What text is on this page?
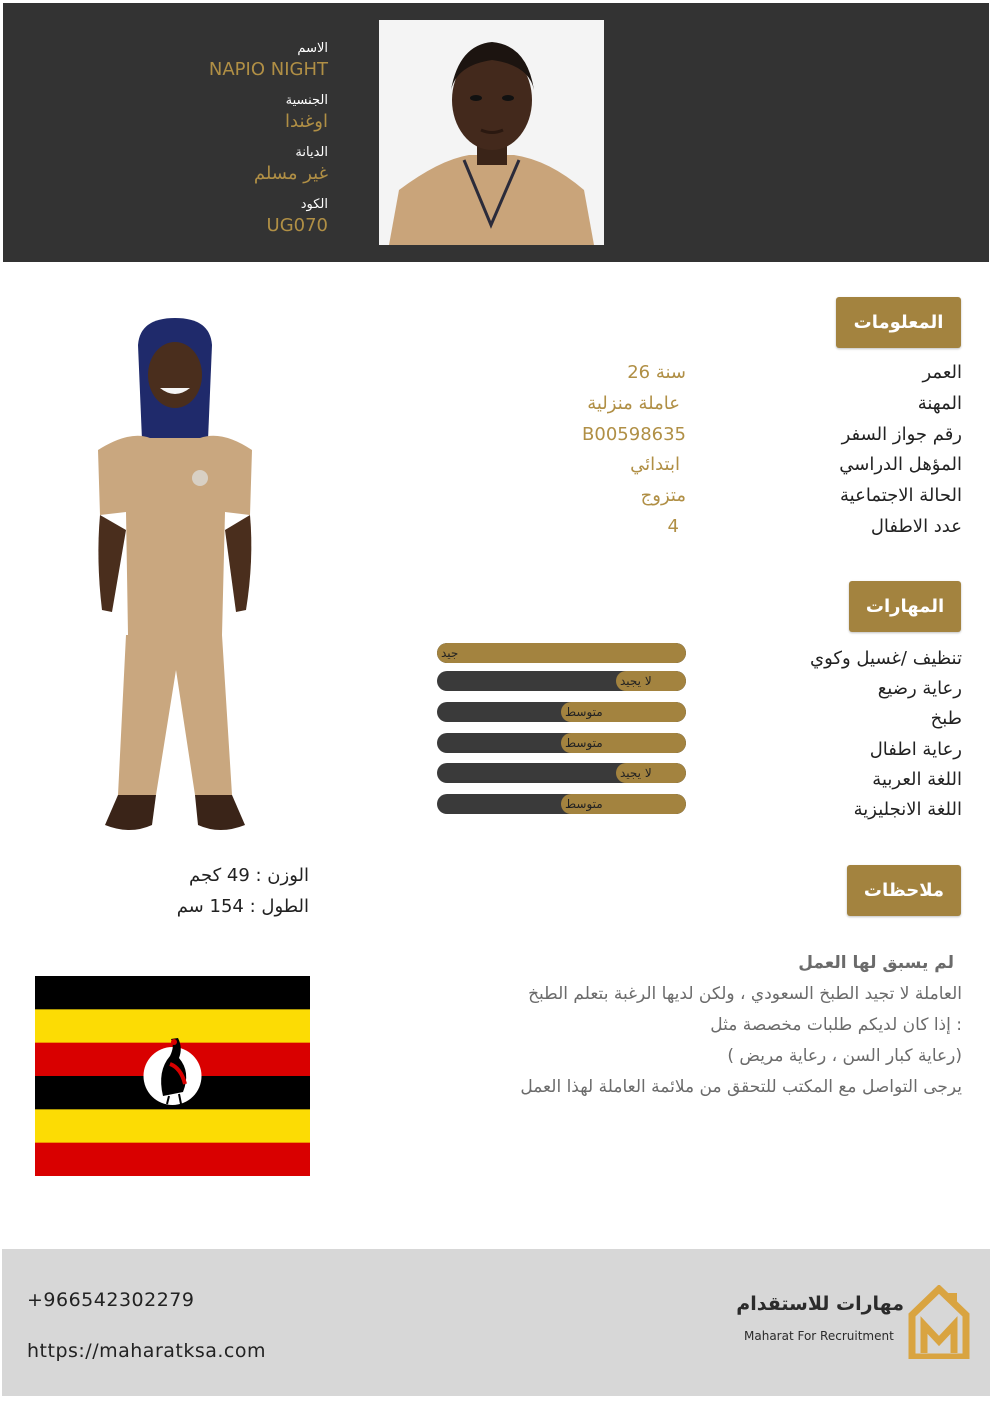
الاسم
NAPIO NIGHT
الجنسية
اوغندا
الديانة
غير مسلم
الكود
UG070
المعلومات
العمر
26 سنة
المهنة
عاملة منزلية
رقم جواز السفر
B00598635
المؤهل الدراسي
ابتدائي
الحالة الاجتماعية
متزوج
عدد الاطفال
4
المهارات
تنظيف /غسيل وكوي
رعاية رضيع
طبخ
رعاية اطفال
اللغة العربية
اللغة الانجليزية
جيد
لا يجيد
متوسط
متوسط
لا يجيد
متوسط
الوزن : 49 كجم
الطول : 154 سم
ملاحظات
لم يسبق لها العمل
العاملة لا تجيد الطبخ السعودي ، ولكن لديها الرغبة بتعلم الطبخ
إذا كان لديكم طلبات مخصصة مثل :
( رعاية كبار السن ، رعاية مريض)
يرجى التواصل مع المكتب للتحقق من ملائمة العاملة لهذا العمل
+966542302279
https://maharatksa.com
مهارات للاستقدام
Maharat For Recruitment
